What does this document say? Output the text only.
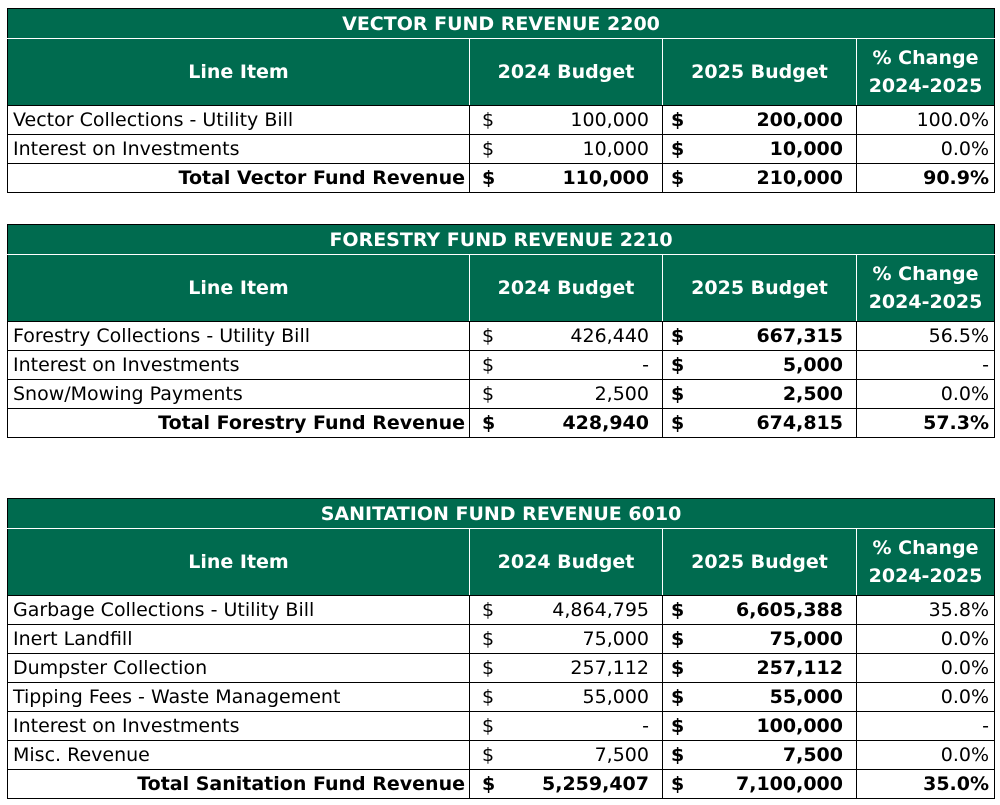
VECTOR FUND REVENUE 2200			
Line Item	2024 Budget	2025 Budget	% Change
2024-2025
Vector Collections - Utility Bill	$ 100,000	$ 200,000	100.0%
Interest on Investments	$ 10,000	$ 10,000	0.0%
Total Vector Fund Revenue	$ 110,000	$ 210,000	90.9%
FORESTRY FUND REVENUE 2210			
Line Item	2024 Budget	2025 Budget	% Change
2024-2025
Forestry Collections - Utility Bill	$ 426,440	$ 667,315	56.5%
Interest on Investments	$ -	$ 5,000	-
Snow/Mowing Payments	$ 2,500	$ 2,500	0.0%
Total Forestry Fund Revenue	$ 428,940	$ 674,815	57.3%
SANITATION FUND REVENUE 6010			
Line Item	2024 Budget	2025 Budget	% Change
2024-2025
Garbage Collections - Utility Bill	$ 4,864,795	$ 6,605,388	35.8%
Inert Landfill	$ 75,000	$ 75,000	0.0%
Dumpster Collection	$ 257,112	$ 257,112	0.0%
Tipping Fees - Waste Management	$ 55,000	$ 55,000	0.0%
Interest on Investments	$ -	$ 100,000	-
Misc. Revenue	$ 7,500	$ 7,500	0.0%
Total Sanitation Fund Revenue	$ 5,259,407	$ 7,100,000	35.0%
